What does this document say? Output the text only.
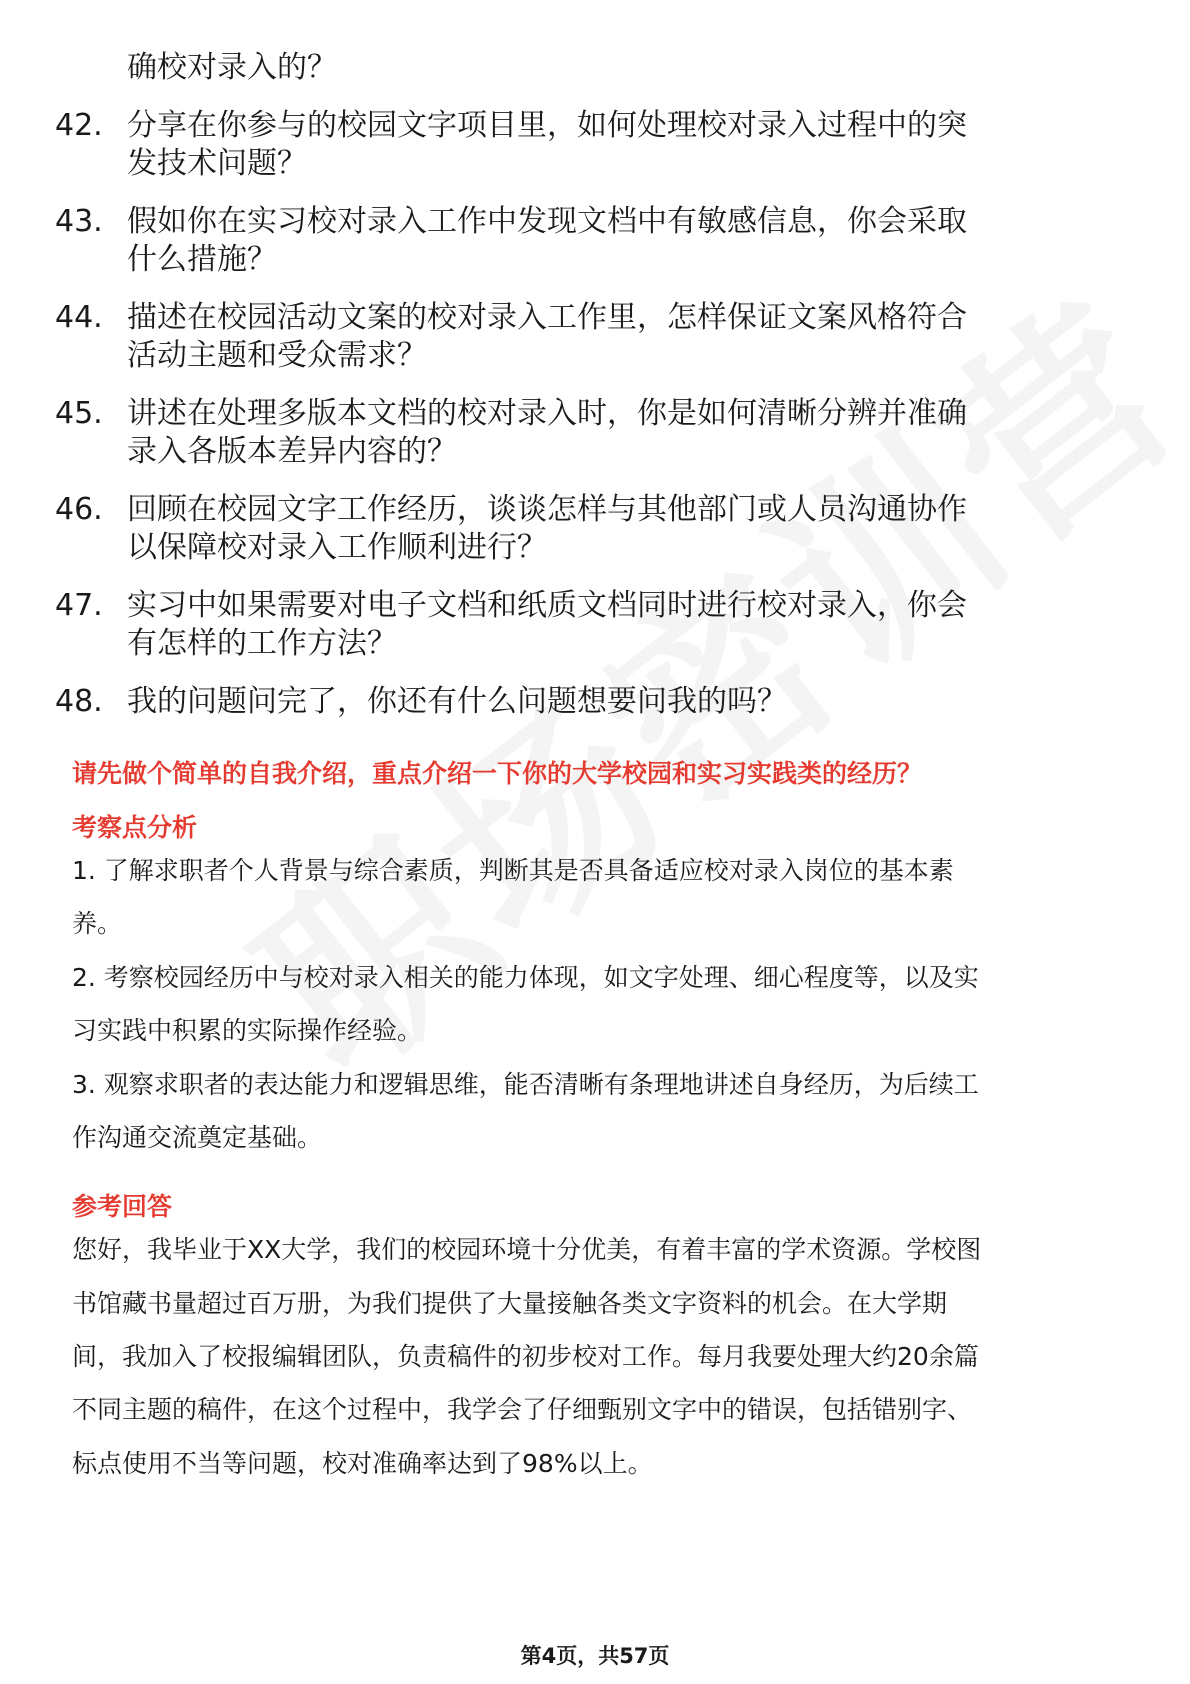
确校对录入的？
42. 分享在你参与的校园文字项目里，如何处理校对录入过程中的突
发技术问题？
43. 假如你在实习校对录入工作中发现文档中有敏感信息，你会采取
什么措施？
44. 描述在校园活动文案的校对录入工作里，怎样保证文案风格符合
活动主题和受众需求？
45. 讲述在处理多版本文档的校对录入时，你是如何清晰分辨并准确
录入各版本差异内容的？
46. 回顾在校园文字工作经历，谈谈怎样与其他部门或人员沟通协作
以保障校对录入工作顺利进行？
47. 实习中如果需要对电子文档和纸质文档同时进行校对录入，你会
有怎样的工作方法？
48. 我的问题问完了，你还有什么问题想要问我的吗？
请先做个简单的自我介绍，重点介绍一下你的大学校园和实习实践类的经历？
考察点分析
1. 了解求职者个人背景与综合素质，判断其是否具备适应校对录入岗位的基本素
养。
2. 考察校园经历中与校对录入相关的能力体现，如文字处理、细心程度等，以及实
习实践中积累的实际操作经验。
3. 观察求职者的表达能力和逻辑思维，能否清晰有条理地讲述自身经历，为后续工
作沟通交流奠定基础。
参考回答
您好，我毕业于XX大学，我们的校园环境十分优美，有着丰富的学术资源。学校图
书馆藏书量超过百万册，为我们提供了大量接触各类文字资料的机会。在大学期
间，我加入了校报编辑团队，负责稿件的初步校对工作。每月我要处理大约20余篇
不同主题的稿件，在这个过程中，我学会了仔细甄别文字中的错误，包括错别字、
标点使用不当等问题，校对准确率达到了98%以上。
第4页，共57页
